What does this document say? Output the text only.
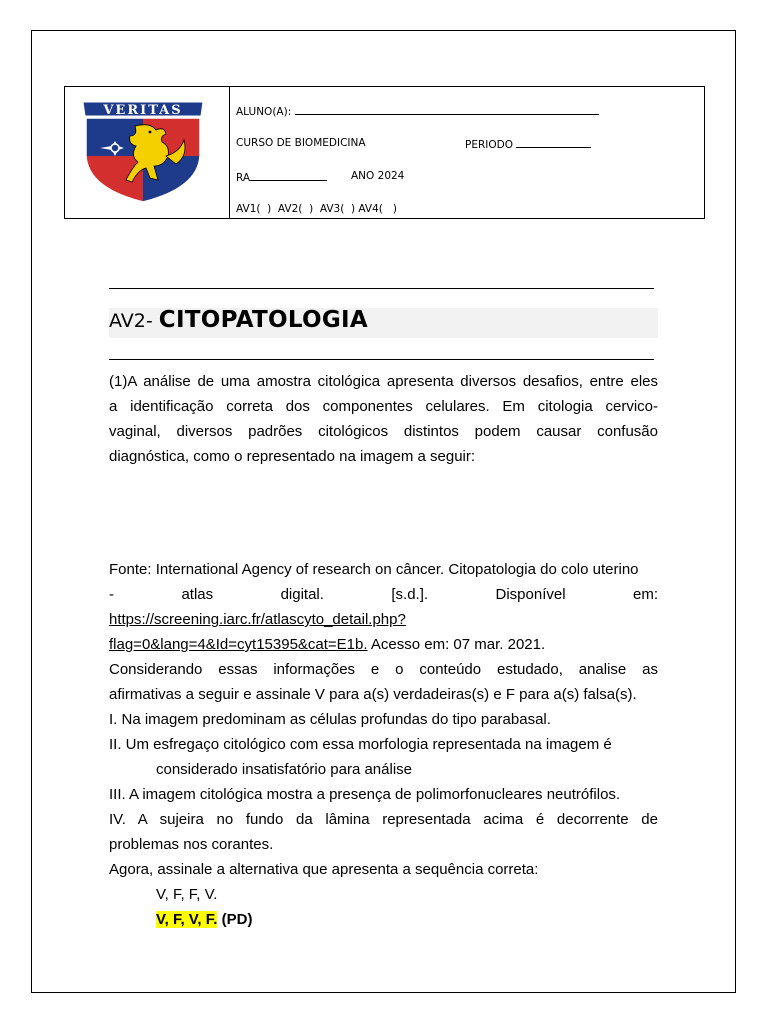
VERITAS	ALUNO(A):
CURSO DE BIOMEDICINA	PERIODO
RA	ANO 2024
AV1(  )  AV2(  )  AV3(  ) AV4(   )
AV2- CITOPATOLOGIA
(1)A análise de uma amostra citológica apresenta diversos desafios, entre eles
a identificação correta dos componentes celulares. Em citologia cervico-
vaginal, diversos padrões citológicos distintos podem causar confusão
diagnóstica, como o representado na imagem a seguir:
Fonte: International Agency of research on câncer. Citopatologia do colo uterino
- atlas digital. [s.d.]. Disponível em:
https://screening.iarc.fr/atlascyto_detail.php?
flag=0&lang=4&Id=cyt15395&cat=E1b. Acesso em: 07 mar. 2021.
Considerando essas informações e o conteúdo estudado, analise as
afirmativas a seguir e assinale V para a(s) verdadeiras(s) e F para a(s) falsa(s).
I. Na imagem predominam as células profundas do tipo parabasal.
II. Um esfregaço citológico com essa morfologia representada na imagem é
considerado insatisfatório para análise
III. A imagem citológica mostra a presença de polimorfonucleares neutrófilos.
IV. A sujeira no fundo da lâmina representada acima é decorrente de
problemas nos corantes.
Agora, assinale a alternativa que apresenta a sequência correta:
V, F, F, V.
V, F, V, F. (PD)
